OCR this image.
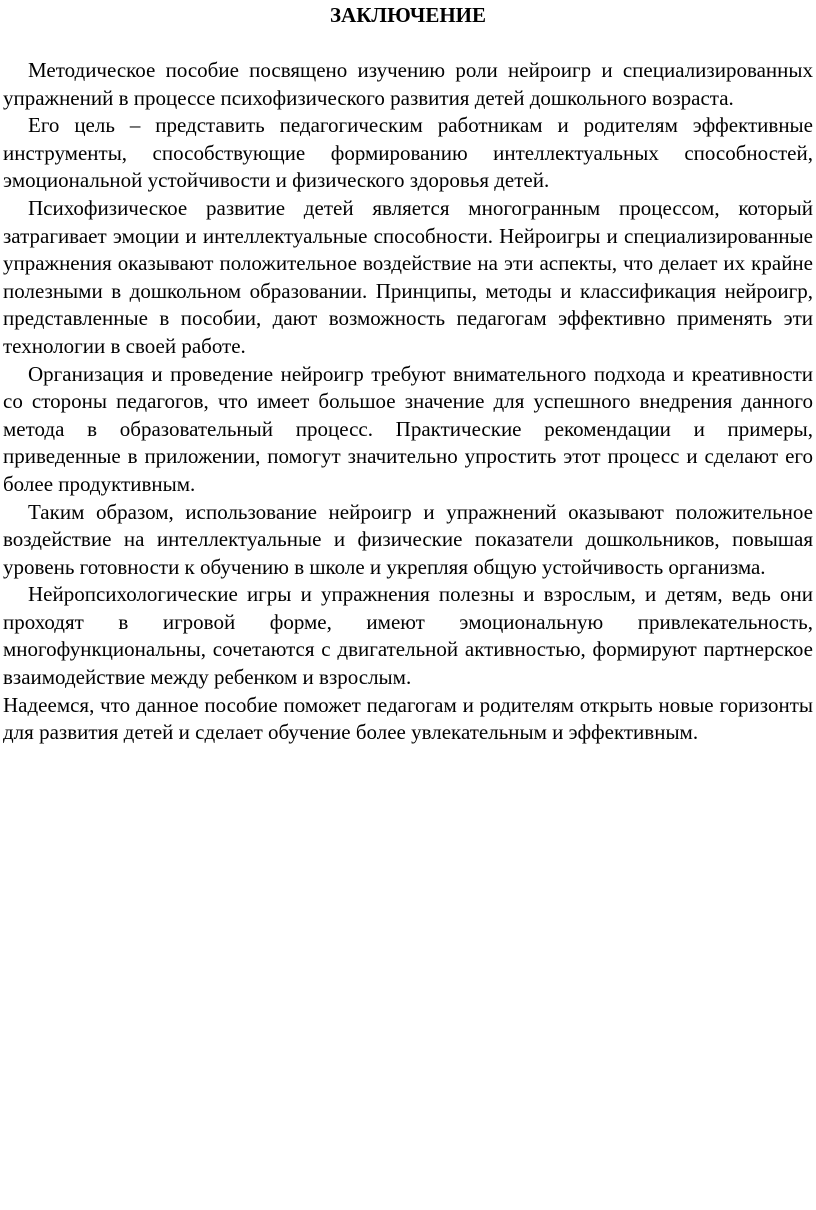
ЗАКЛЮЧЕНИЕ

Методическое пособие посвящено изучению роли нейроигр и специализированных упражнений в процессе психофизического развития детей дошкольного возраста.

Его цель – представить педагогическим работникам и родителям эффективные инструменты, способствующие формированию интеллектуальных способностей, эмоциональной устойчивости и физического здоровья детей.

Психофизическое развитие детей является многогранным процессом, который затрагивает эмоции и интеллектуальные способности. Нейроигры и специализированные упражнения оказывают положительное воздействие на эти аспекты, что делает их крайне полезными в дошкольном образовании. Принципы, методы и классификация нейроигр, представленные в пособии, дают возможность педагогам эффективно применять эти технологии в своей работе.

Организация и проведение нейроигр требуют внимательного подхода и креативности со стороны педагогов, что имеет большое значение для успешного внедрения данного метода в образовательный процесс. Практические рекомендации и примеры, приведенные в приложении, помогут значительно упростить этот процесс и сделают его более продуктивным.

Таким образом, использование нейроигр и упражнений оказывают положительное воздействие на интеллектуальные и физические показатели дошкольников, повышая уровень готовности к обучению в школе и укрепляя общую устойчивость организма.

Нейропсихологические игры и упражнения полезны и взрослым, и детям, ведь они проходят в игровой форме, имеют эмоциональную привлекательность, многофункциональны, сочетаются с двигательной активностью, формируют партнерское взаимодействие между ребенком и взрослым.

Надеемся, что данное пособие поможет педагогам и родителям открыть новые горизонты для развития детей и сделает обучение более увлекательным и эффективным.
